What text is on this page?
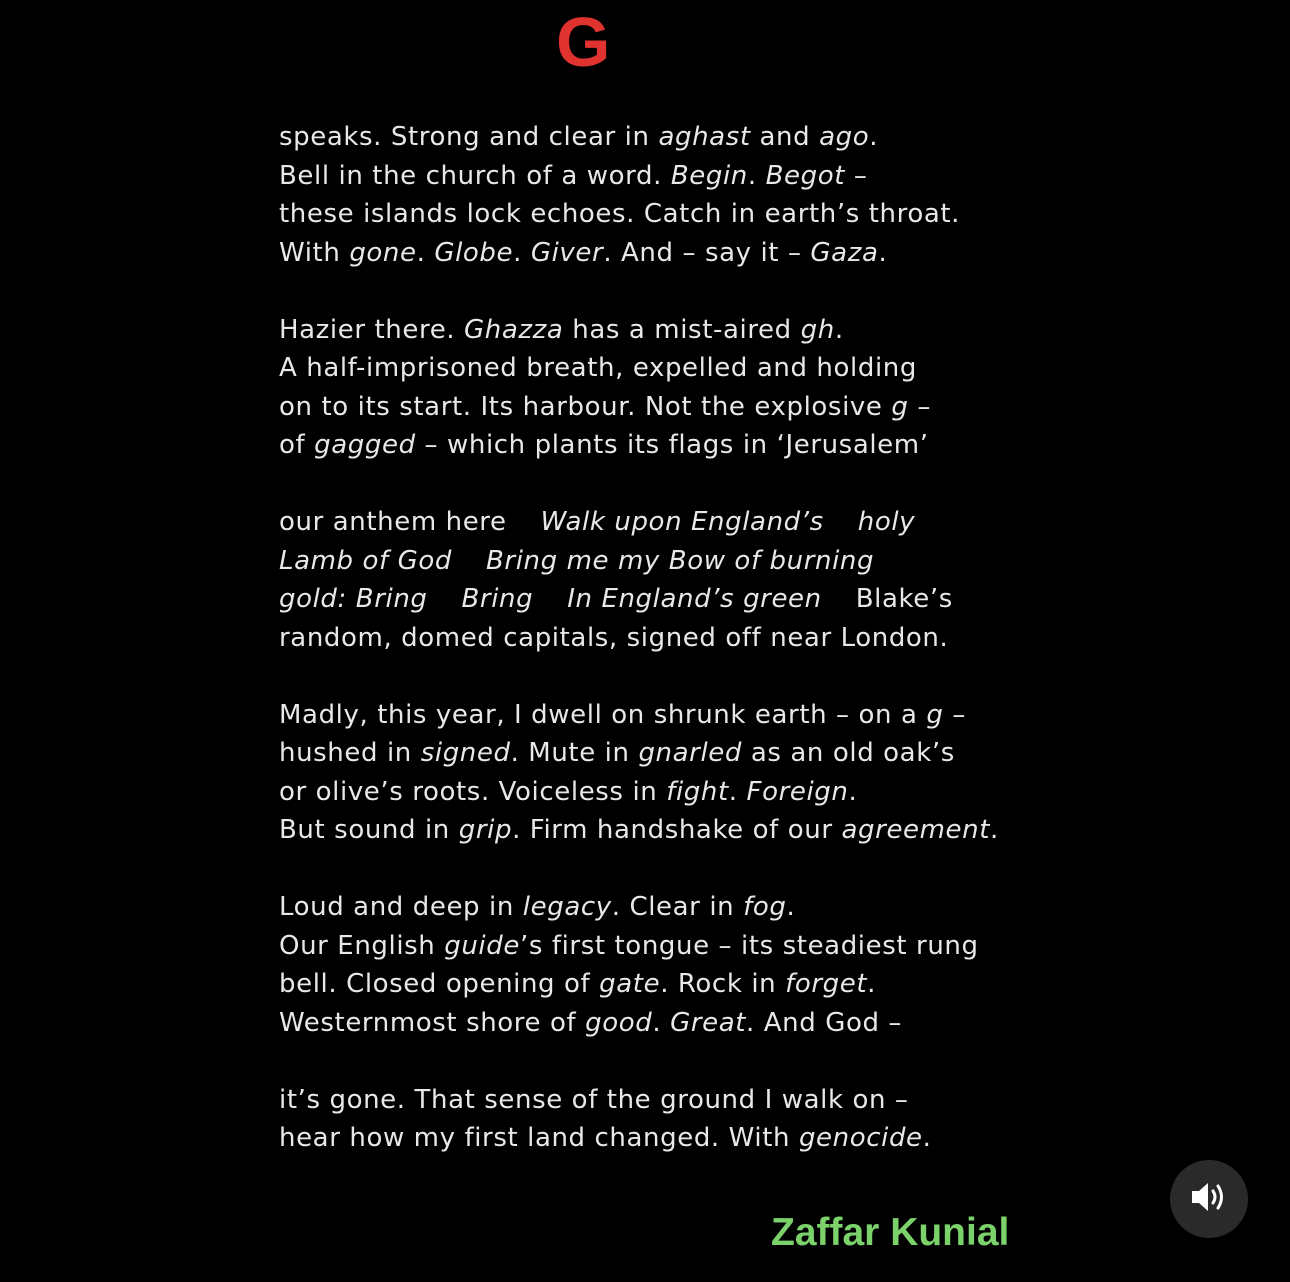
G
speaks. Strong and clear in aghast and ago.
Bell in the church of a word. Begin. Begot –
these islands lock echoes. Catch in earth’s throat.
With gone. Globe. Giver. And – say it – Gaza.
Hazier there. Ghazza has a mist-aired gh.
A half-imprisoned breath, expelled and holding
on to its start. Its harbour. Not the explosive g –
of gagged – which plants its flags in ‘Jerusalem’
our anthem here Walk upon England’s holy
Lamb of God Bring me my Bow of burning
gold: Bring Bring In England’s green Blake’s
random, domed capitals, signed off near London.
Madly, this year, I dwell on shrunk earth – on a g –
hushed in signed. Mute in gnarled as an old oak’s
or olive’s roots. Voiceless in fight. Foreign.
But sound in grip. Firm handshake of our agreement.
Loud and deep in legacy. Clear in fog.
Our English guide’s first tongue – its steadiest rung
bell. Closed opening of gate. Rock in forget.
Westernmost shore of good. Great. And God –
it’s gone. That sense of the ground I walk on –
hear how my first land changed. With genocide.
Zaffar Kunial
